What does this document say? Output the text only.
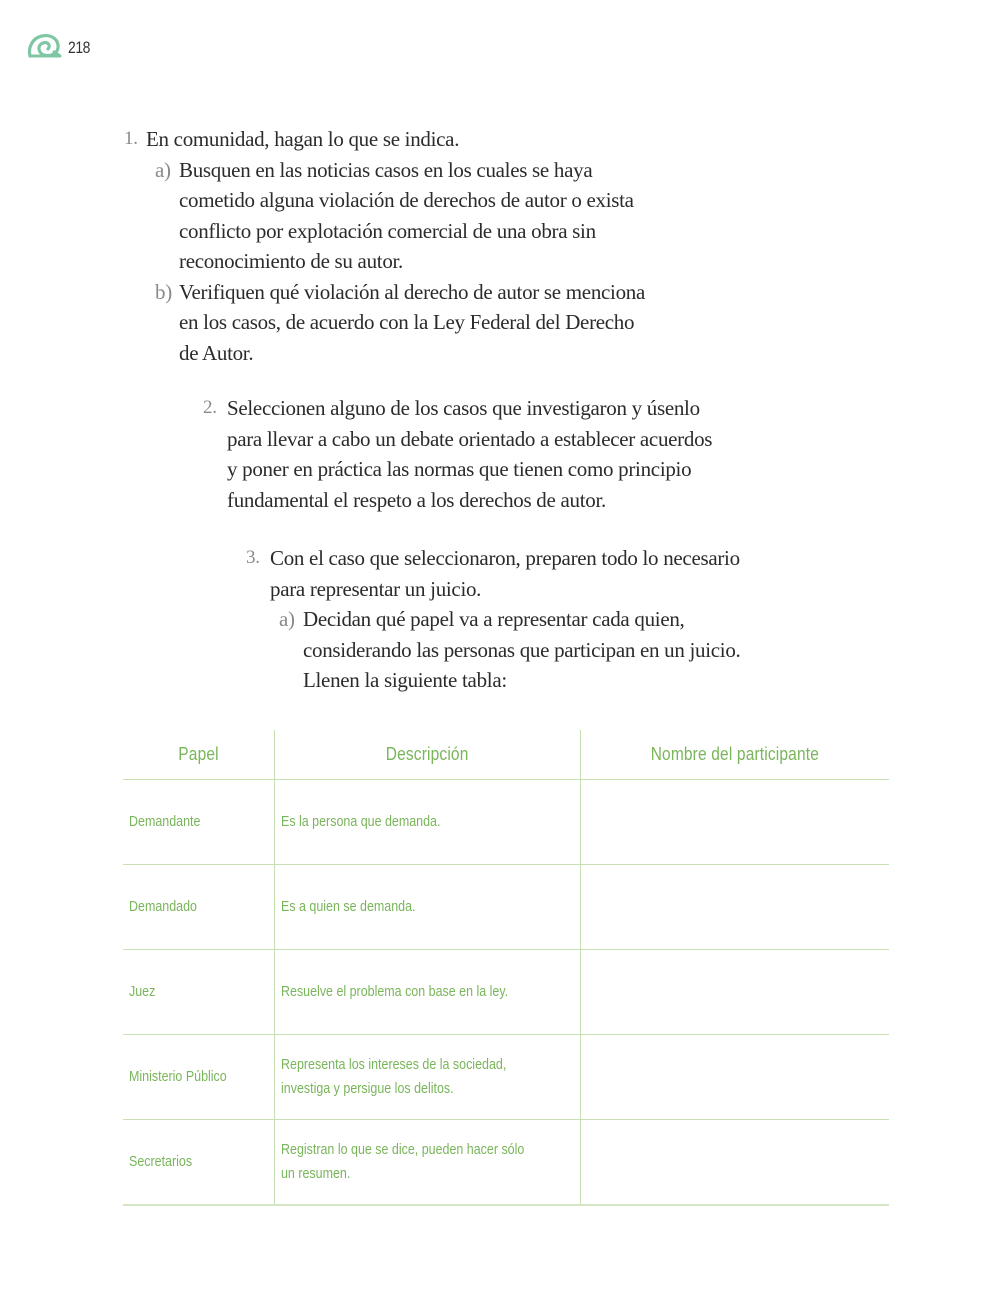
218
1. En comunidad, hagan lo que se indica.
a) Busquen en las noticias casos en los cuales se haya
cometido alguna violación de derechos de autor o exista
conflicto por explotación comercial de una obra sin
reconocimiento de su autor.
b) Verifiquen qué violación al derecho de autor se menciona
en los casos, de acuerdo con la Ley Federal del Derecho
de Autor.
2. Seleccionen alguno de los casos que investigaron y úsenlo
para llevar a cabo un debate orientado a establecer acuerdos
y poner en práctica las normas que tienen como principio
fundamental el respeto a los derechos de autor.
3. Con el caso que seleccionaron, preparen todo lo necesario
para representar un juicio.
a) Decidan qué papel va a representar cada quien,
considerando las personas que participan en un juicio.
Llenen la siguiente tabla:
Papel	Descripción	Nombre del participante
Demandante	Es la persona que demanda.	
Demandado	Es a quien se demanda.	
Juez	Resuelve el problema con base en la ley.	
Ministerio Público	Representa los intereses de la sociedad,
investiga y persigue los delitos.	
Secretarios	Registran lo que se dice, pueden hacer sólo
un resumen.	
